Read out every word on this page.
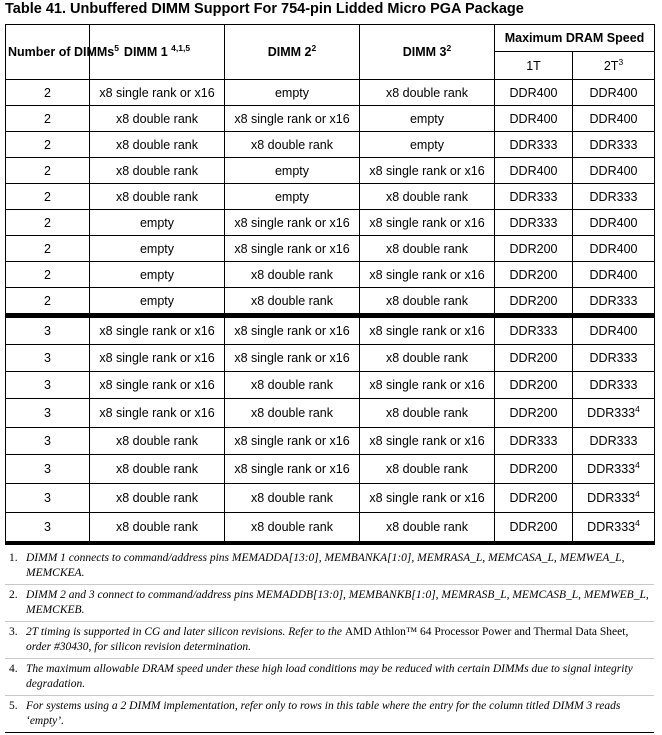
Table 41. Unbuffered DIMM Support For 754-pin Lidded Micro PGA Package
Number of DIMMs$^5$	DIMM 1 $^{4,1,5}$	DIMM $2^2$	DIMM $3^2$	Maximum DRAM Speed	
				1T	$2T^3$
2	x8 single rank or x16	empty	x8 double rank	DDR400	DDR400
2	x8 double rank	x8 single rank or x16	empty	DDR400	DDR400
2	x8 double rank	x8 double rank	empty	DDR333	DDR333
2	x8 double rank	empty	x8 single rank or x16	DDR400	DDR400
2	x8 double rank	empty	x8 double rank	DDR333	DDR333
2	empty	x8 single rank or x16	x8 single rank or x16	DDR333	DDR400
2	empty	x8 single rank or x16	x8 double rank	DDR200	DDR400
2	empty	x8 double rank	x8 single rank or x16	DDR200	DDR400
2	empty	x8 double rank	x8 double rank	DDR200	DDR333
3	x8 single rank or x16	x8 single rank or x16	x8 single rank or x16	DDR333	DDR400
3	x8 single rank or x16	x8 single rank or x16	x8 double rank	DDR200	DDR333
3	x8 single rank or x16	x8 double rank	x8 single rank or x16	DDR200	DDR333
3	x8 single rank or x16	x8 double rank	x8 double rank	DDR200	$DDR333^4$
3	x8 double rank	x8 single rank or x16	x8 single rank or x16	DDR333	DDR333
3	x8 double rank	x8 single rank or x16	x8 double rank	DDR200	$DDR333^4$
3	x8 double rank	x8 double rank	x8 single rank or x16	DDR200	$DDR333^4$
3	x8 double rank	x8 double rank	x8 double rank	DDR200	$DDR333^4$
1. DIMM 1 connects to command/address pins MEMADDA[13:0], MEMBANKA[1:0], MEMRASA_L, MEMCASA_L, MEMWEA_L, MEMCKEA.
2. DIMM 2 and 3 connect to command/address pins MEMADDB[13:0], MEMBANKB[1:0], MEMRASB_L, MEMCASB_L, MEMWEB_L, MEMCKEB.
3. 2T timing is supported in CG and later silicon revisions. Refer to the AMD Athlon™ 64 Processor Power and Thermal Data Sheet, order #30430, for silicon revision determination.
4. The maximum allowable DRAM speed under these high load conditions may be reduced with certain DIMMs due to signal integrity degradation.
5. For systems using a 2 DIMM implementation, refer only to rows in this table where the entry for the column titled DIMM 3 reads ‘empty’.
